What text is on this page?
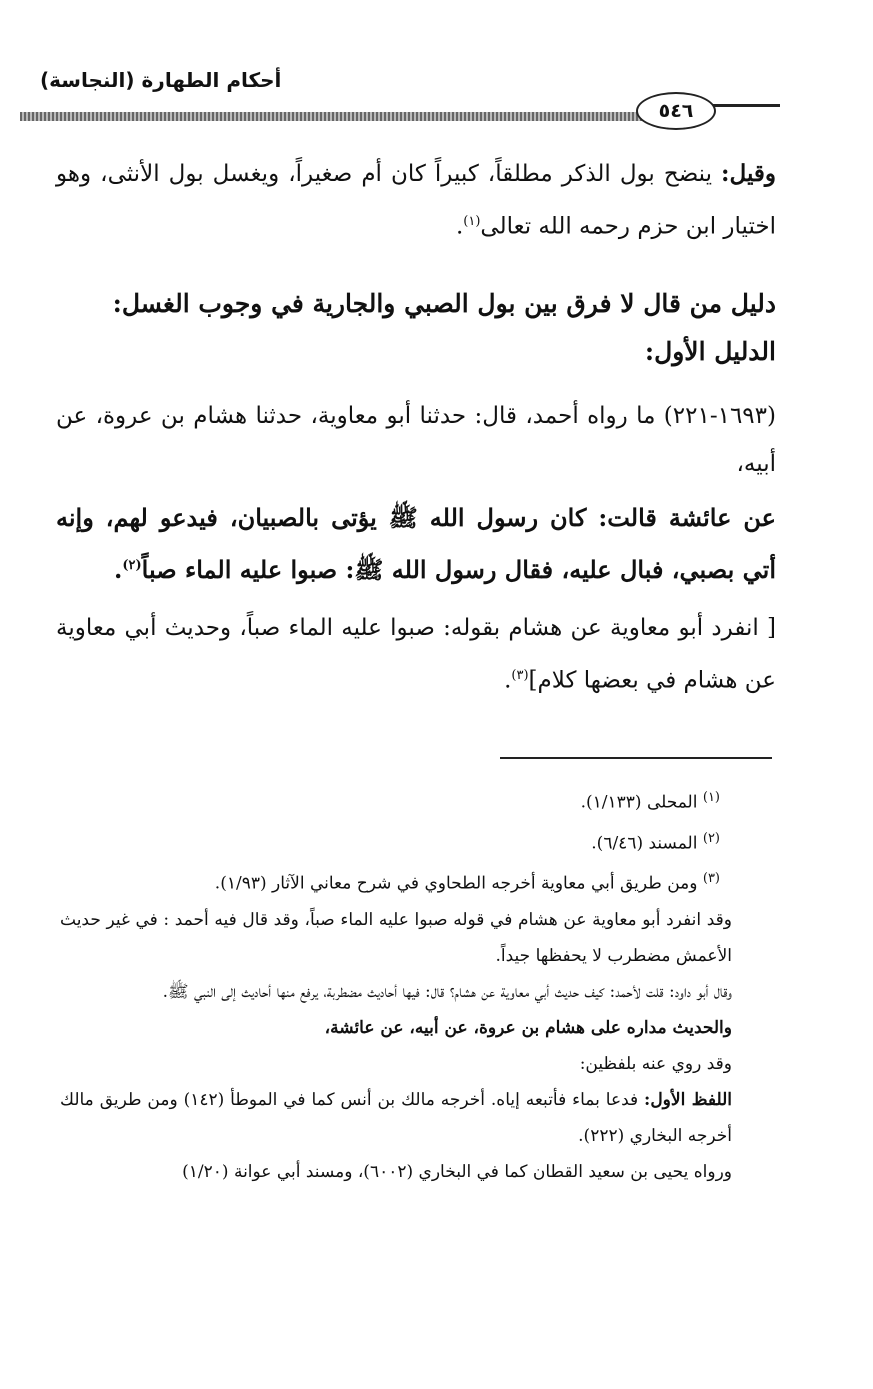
أحكام الطهارة (النجاسة)
٥٤٦

وقيل: ينضح بول الذكر مطلقاً، كبيراً كان أم صغيراً، ويغسل بول الأنثى، وهو اختيار ابن حزم رحمه الله تعالى$^{(١)}$.

دليل من قال لا فرق بين بول الصبي والجارية في وجوب الغسل:

الدليل الأول:

(١٦٩٣-٢٢١) ما رواه أحمد، قال: حدثنا أبو معاوية، حدثنا هشام بن عروة، عن أبيه،

عن عائشة قالت: كان رسول الله ﷺ يؤتى بالصبيان، فيدعو لهم، وإنه أتي بصبي، فبال عليه، فقال رسول الله ﷺ: صبوا عليه الماء صباً$^{(٢)}$.

[ انفرد أبو معاوية عن هشام بقوله: صبوا عليه الماء صباً، وحديث أبي معاوية عن هشام في بعضها كلام]$^{(٣)}$.

$^{(١)}$ المحلى (١/١٣٣).

$^{(٢)}$ المسند (٦/٤٦).

$^{(٣)}$ ومن طريق أبي معاوية أخرجه الطحاوي في شرح معاني الآثار (١/٩٣).

وقد انفرد أبو معاوية عن هشام في قوله صبوا عليه الماء صباً، وقد قال فيه أحمد : في غير حديث الأعمش مضطرب لا يحفظها جيداً.

وقال أبو داود: قلت لأحمد: كيف حديث أبي معاوية عن هشام؟ قال: فيها أحاديث مضطربة، يرفع منها أحاديث إلى النبي ﷺ.

والحديث مداره على هشام بن عروة، عن أبيه، عن عائشة،

وقد روي عنه بلفظين:

اللفظ الأول: فدعا بماء فأتبعه إياه. أخرجه مالك بن أنس كما في الموطأ (١٤٢) ومن طريق مالك أخرجه البخاري (٢٢٢).

ورواه يحيى بن سعيد القطان كما في البخاري (٦٠٠٢)، ومسند أبي عوانة (١/٢٠)
